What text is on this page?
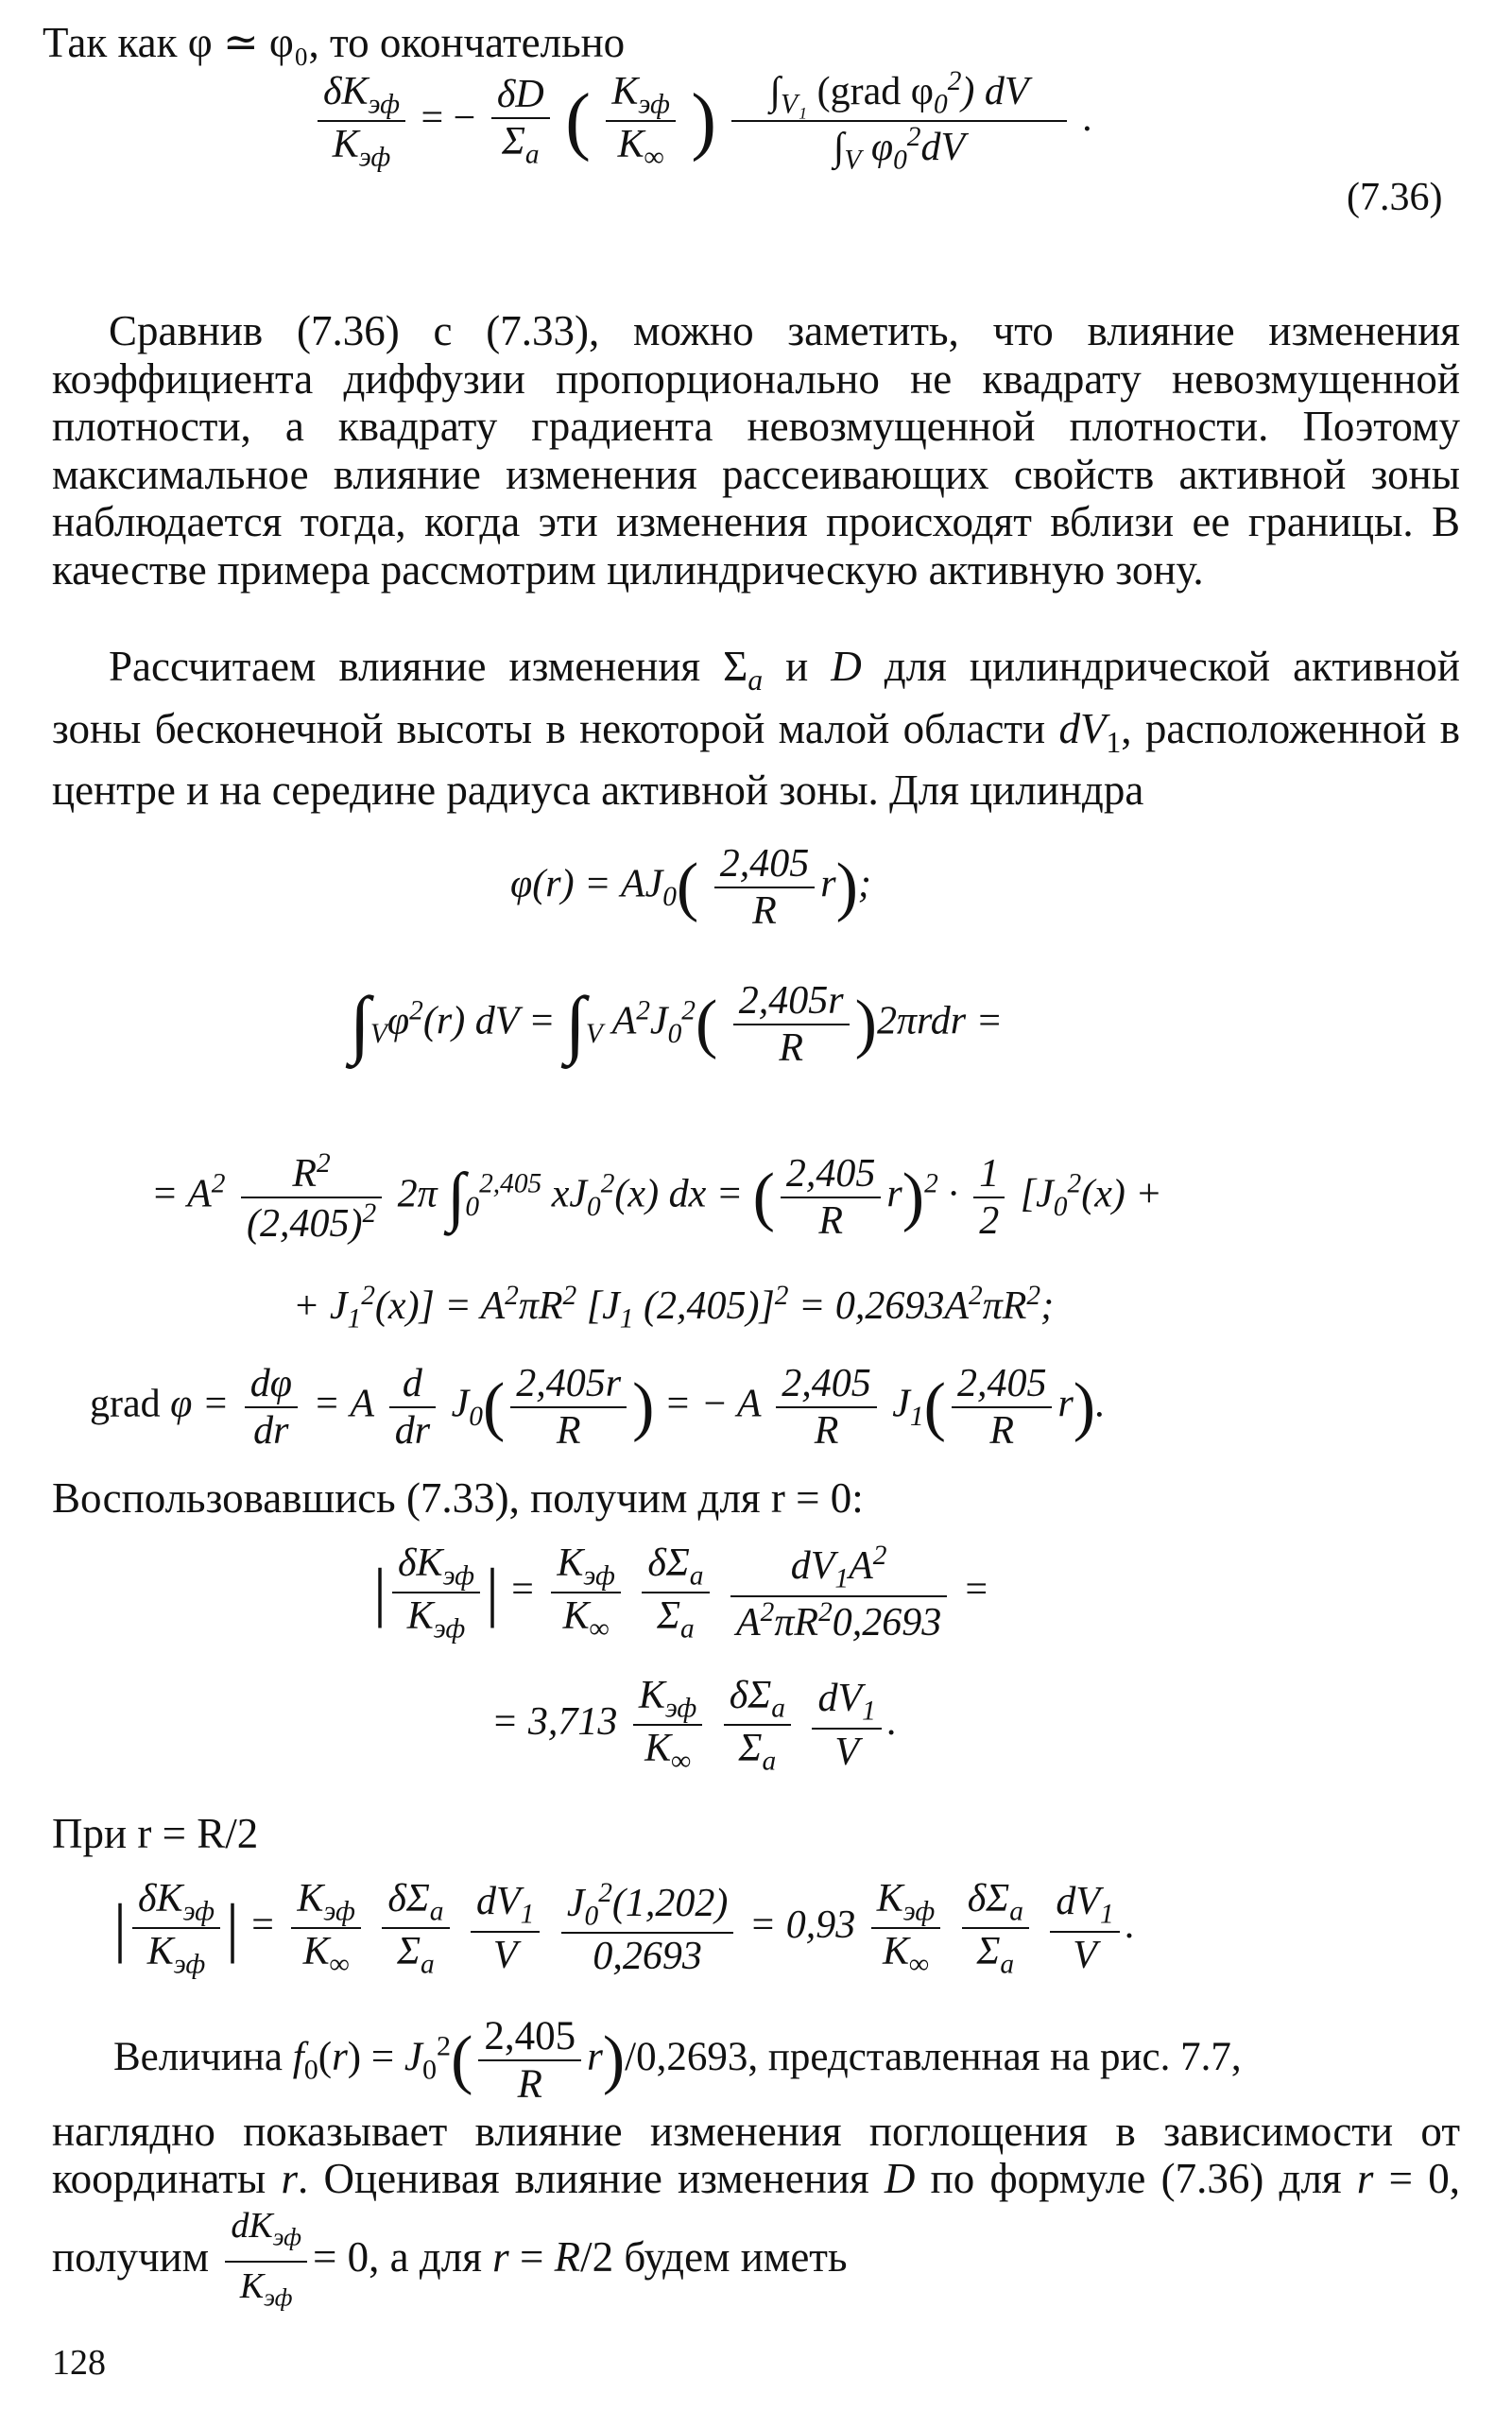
Так как φ ≃ φ₀, то окончательно
$\frac{\delta K_{эф}}{K_{эф}}$ = − $\frac{\delta D}{\Sigma_a}$ ( $\frac{K_{эф}}{K_\infty}$ ) $\frac{\int_{V_1} (grad \varphi_0^2) dV}{\int_V \varphi_0^2dV}$ .
(7.36)

Сравнив (7.36) с (7.33), можно заметить, что влияние изменения коэффициента диффузии пропорционально не квадрату невозмущенной плотности, а квадрату градиента невозмущенной плотности. Поэтому максимальное влияние изменения рассеивающих свойств активной зоны наблюдается тогда, когда эти изменения происходят вблизи ее границы. В качестве примера рассмотрим цилиндрическую активную зону.

Рассчитаем влияние изменения $\Sigma_a$ и D для цилиндрической активной зоны бесконечной высоты в некоторой малой области $dV_1$, расположенной в центре и на середине радиуса активной зоны. Для цилиндра

$\varphi(r) = AJ_0( \frac{2,405}{R} r)$;
$\int_V\varphi^2(r)$ dV = $\int_V$ $A^2J_0^2( \frac{2,405r}{R} )2\pi rdr$ =
= $A^2 \frac{R^2}{(2,405)^2} 2\pi$ $\int_0^{2,405}$ $xJ_0^2(x)$ dx = ( $\frac{2,405}{R} r)^2 \cdot \frac{1}{2} [J_0^2(x)$ +
+ $J_1^2(x)] = A^2\pi R^2$ [$J_1$ $(2,405)]^2 = 0,2693A^2\pi R^2$;
grad $\varphi = \frac{d\varphi}{dr} = A \frac{d}{dr} J_0( \frac{2,405r}{R}$ ) = − A $\frac{2,405}{R} J_1( \frac{2,405}{R} r)$.
Воспользовавшись (7.33), получим для r = 0:
| $\frac{\delta K_{эф}}{K_{эф}}$ | = $\frac{K_{эф}}{K_\infty}$
$\frac{\delta\Sigma_a}{\Sigma_a}$
$\frac{dV_1A^2}{A^2\pi R^20,2693}$ =
= $3,713 \frac{K_{эф}}{K_\infty}$
$\frac{\delta\Sigma_a}{\Sigma_a}$
$\frac{dV_1}{V}$ .
При r = R/2
| $\frac{\delta K_{эф}}{K_{эф}}$ | = $\frac{K_{эф}}{K_\infty}$
$\frac{\delta\Sigma_a}{\Sigma_a}$
$\frac{dV_1}{V}$
$\frac{J_0^2(1,202)}{0,2693} = 0,93 \frac{K_{эф}}{K_\infty}$
$\frac{\delta\Sigma_a}{\Sigma_a}$
$\frac{dV_1}{V}$ .
Величина $f_0(r) = J_0^2( \frac{2,405}{R} r)/0,2693$, представленная на рис. 7.7,

наглядно показывает влияние изменения поглощения в зависимости от координаты r. Оценивая влияние изменения D по формуле (7.36) для r = 0, получим $\frac{dK_{эф}}{K_{эф}} = 0$, а для r = R/2 будем иметь

128
